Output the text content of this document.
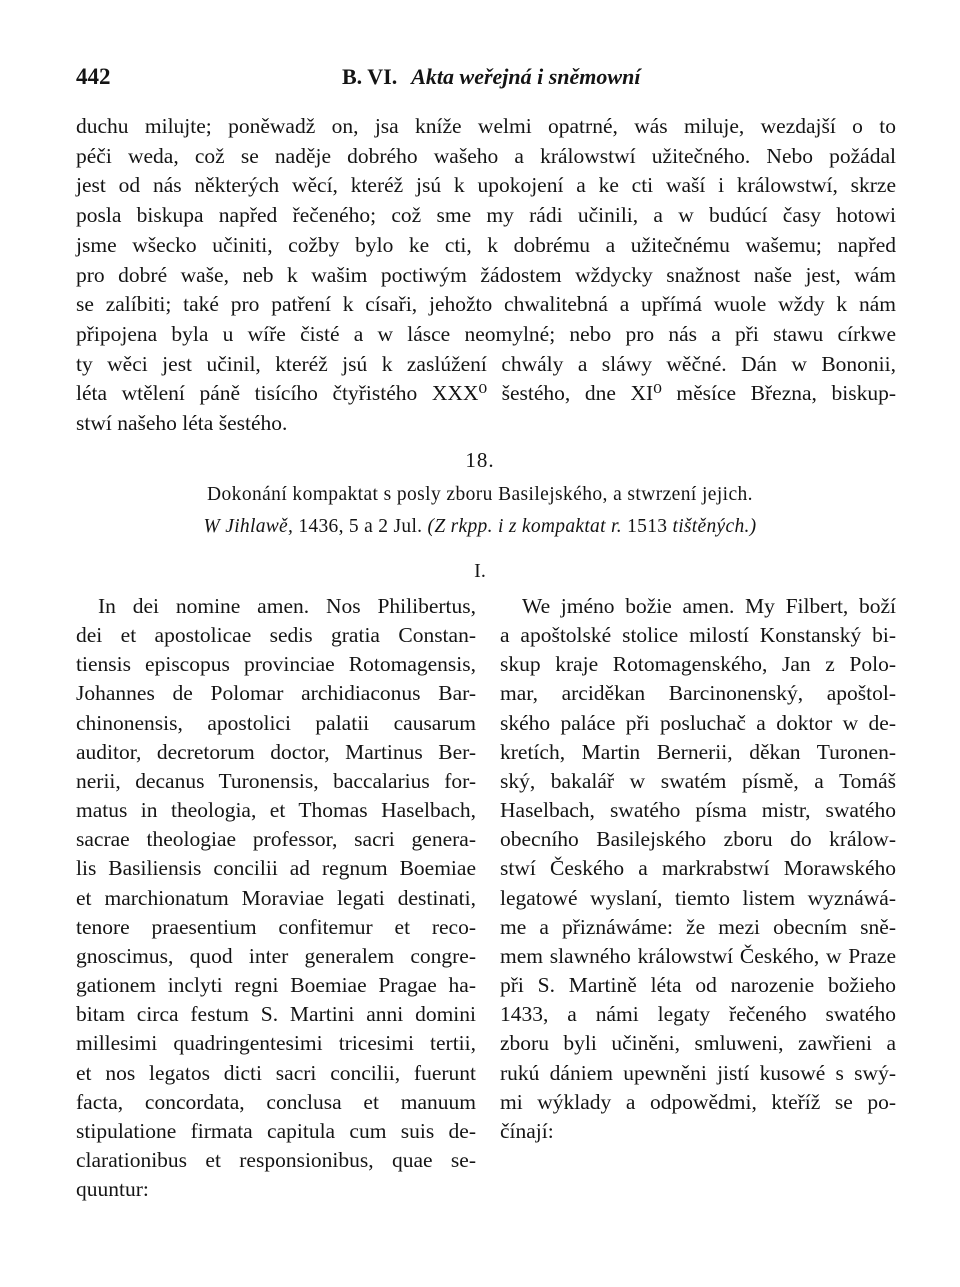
442	B. VI. Akta weřejná i sněmowní
duchu milujte; poněwadž on, jsa kníže welmi opatrné, wás miluje, wezdajší o to
péči weda, což se naděje dobrého wašeho a králowstwí užitečného. Nebo požádal
jest od nás některých wěcí, kteréž jsú k upokojení a ke cti waší i králowstwí, skrze
posla biskupa napřed řečeného; což sme my rádi učinili, a w budúcí časy hotowi
jsme wšecko učiniti, cožby bylo ke cti, k dobrému a užitečnému wašemu; napřed
pro dobré waše, neb k wašim poctiwým žádostem wždycky snažnost naše jest, wám
se zalíbiti; také pro patření k císaři, jehožto chwalitebná a upřímá wuole wždy k nám
připojena byla u wíře čisté a w lásce neomylné; nebo pro nás a při stawu církwe
ty wěci jest učinil, kteréž jsú k zaslúžení chwály a sláwy wěčné. Dán w Bononii,
léta wtělení páně tisícího čtyřistého XXX⁰ šestého, dne XI⁰ měsíce Března, biskup-
stwí našeho léta šestého.
18.
Dokonání kompaktat s posly zboru Basilejského, a stwrzení jejich.
W Jihlawě, 1436, 5 a 2 Jul. (Z rkpp. i z kompaktat r. 1513 tištěných.)
I.
In dei nomine amen. Nos Philibertus,
dei et apostolicae sedis gratia Constan-
tiensis episcopus provinciae Rotomagensis,
Johannes de Polomar archidiaconus Bar-
chinonensis, apostolici palatii causarum
auditor, decretorum doctor, Martinus Ber-
nerii, decanus Turonensis, baccalarius for-
matus in theologia, et Thomas Haselbach,
sacrae theologiae professor, sacri genera-
lis Basiliensis concilii ad regnum Boemiae
et marchionatum Moraviae legati destinati,
tenore praesentium confitemur et reco-
gnoscimus, quod inter generalem congre-
gationem inclyti regni Boemiae Pragae ha-
bitam circa festum S. Martini anni domini
millesimi quadringentesimi tricesimi tertii,
et nos legatos dicti sacri concilii, fuerunt
facta, concordata, conclusa et manuum
stipulatione firmata capitula cum suis de-
clarationibus et responsionibus, quae se-
quuntur:
We jméno božie amen. My Filbert, boží
a apoštolské stolice milostí Konstanský bi-
skup kraje Rotomagenského, Jan z Polo-
mar, arciděkan Barcinonenský, apoštol-
ského paláce při posluchač a doktor w de-
kretích, Martin Bernerii, děkan Turonen-
ský, bakalář w swatém písmě, a Tomáš
Haselbach, swatého písma mistr, swatého
obecního Basilejského zboru do králow-
stwí Českého a markrabstwí Morawského
legatowé wyslaní, tiemto listem wyznáwá-
me a přiznáwáme: že mezi obecním sně-
mem slawného králowstwí Českého, w Praze
při S. Martině léta od narozenie božieho
1433, a námi legaty řečeného swatého
zboru byli učiněni, smluweni, zawřieni a
rukú dániem upewněni jistí kusowé s swý-
mi wýklady a odpowědmi, kteříž se po-
čínají:
